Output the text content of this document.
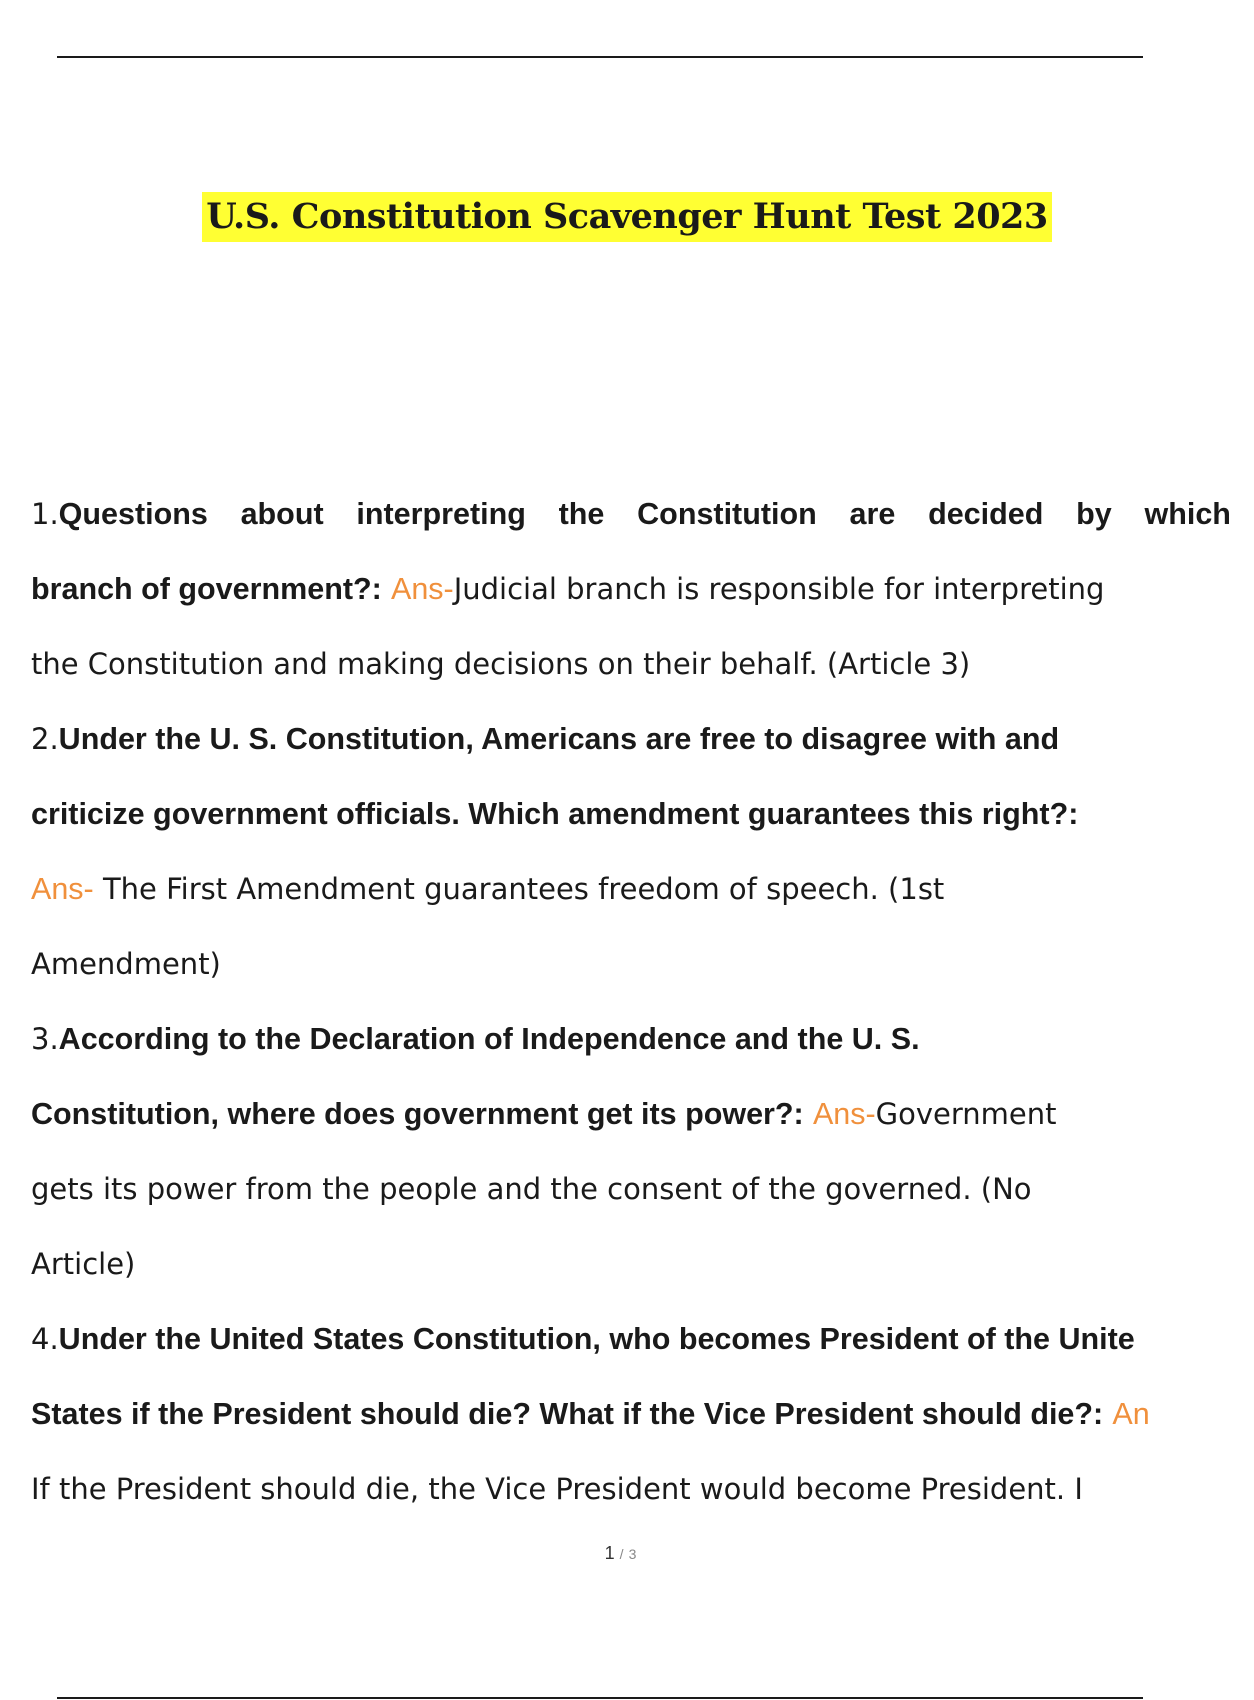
U.S. Constitution Scavenger Hunt Test 2023
1.Questions about interpreting the Constitution are decided by which
branch of government?: Ans-Judicial branch is responsible for interpreting
the Constitution and making decisions on their behalf. (Article 3)
2.Under the U. S. Constitution, Americans are free to disagree with and
criticize government officials. Which amendment guarantees this right?:
Ans- The First Amendment guarantees freedom of speech. (1st
Amendment)
3.According to the Declaration of Independence and the U. S.
Constitution, where does government get its power?: Ans-Government
gets its power from the people and the consent of the governed. (No
Article)
4.Under the United States Constitution, who becomes President of the Unite
States if the President should die? What if the Vice President should die?: An
If the President should die, the Vice President would become President. I
1 / 3
